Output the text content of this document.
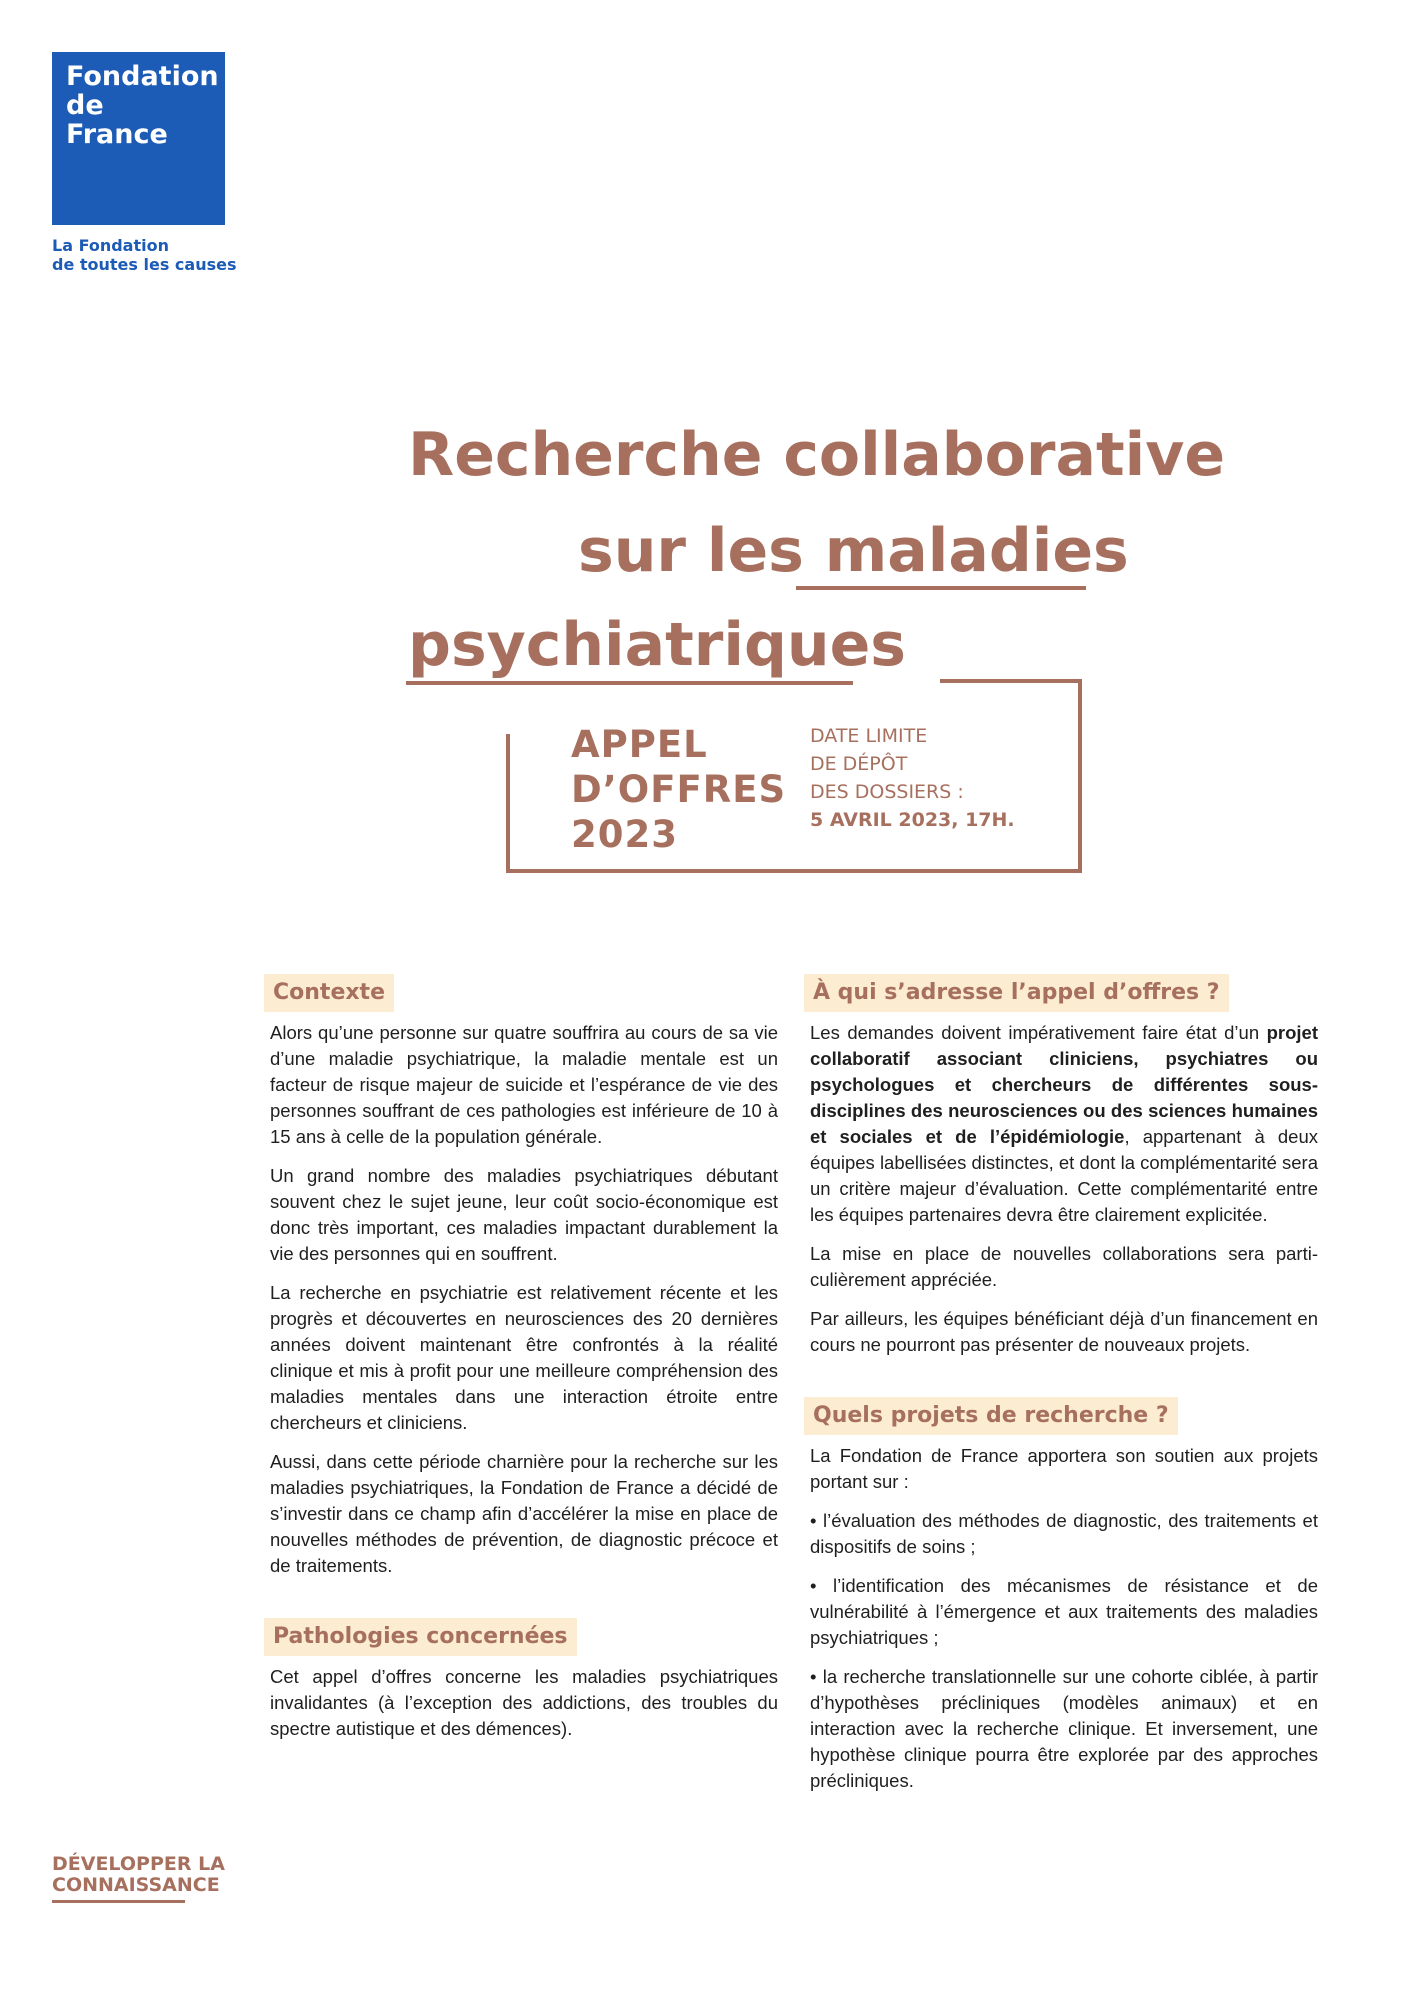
Fondation
de
France
La Fondation
de toutes les causes
Recherche collaborative
sur les maladies
psychiatriques
APPEL
D’OFFRES
2023
DATE LIMITE
DE DÉPÔT
DES DOSSIERS :
5 AVRIL 2023, 17H.
Contexte

Alors qu’une personne sur quatre souffrira au cours de sa vie d’une maladie psychiatrique, la maladie mentale est un facteur de risque majeur de suicide et l’espérance de vie des personnes souffrant de ces pathologies est inférieure de 10 à 15 ans à celle de la population générale.

Un grand nombre des maladies psychiatriques débutant souvent chez le sujet jeune, leur coût socio-économique est donc très important, ces maladies impactant durablement la vie des personnes qui en souffrent.

La recherche en psychiatrie est relativement récente et les progrès et découvertes en neurosciences des 20 dernières années doivent maintenant être confrontés à la réalité clinique et mis à profit pour une meilleure compréhension des maladies mentales dans une interaction étroite entre chercheurs et cliniciens.

Aussi, dans cette période charnière pour la recherche sur les maladies psychiatriques, la Fondation de France a décidé de s’investir dans ce champ afin d’accélérer la mise en place de nouvelles méthodes de prévention, de diagnostic précoce et de traitements.

Pathologies concernées

Cet appel d’offres concerne les maladies psychiatriques invalidantes (à l’exception des addictions, des troubles du spectre autistique et des démences).

À qui s’adresse l’appel d’offres ?

Les demandes doivent impérativement faire état d’un projet collaboratif associant cliniciens, psychiatres ou psychologues et chercheurs de différentes sous-disciplines des neurosciences ou des sciences humaines et sociales et de l’épidémiologie, appartenant à deux équipes labellisées distinctes, et dont la complémentarité sera un critère majeur d’évaluation. Cette complémentarité entre les équipes partenaires devra être clairement explicitée.

La mise en place de nouvelles collaborations sera particulièrement appréciée.

Par ailleurs, les équipes bénéficiant déjà d’un financement en cours ne pourront pas présenter de nouveaux projets.

Quels projets de recherche ?

La Fondation de France apportera son soutien aux projets portant sur :

• l’évaluation des méthodes de diagnostic, des traitements et dispositifs de soins ;

• l’identification des mécanismes de résistance et de vulnérabilité à l’émergence et aux traitements des maladies psychiatriques ;

• la recherche translationnelle sur une cohorte ciblée, à partir d’hypothèses précliniques (modèles animaux) et en interaction avec la recherche clinique. Et inversement, une hypothèse clinique pourra être explorée par des approches précliniques.

DÉVELOPPER LA
CONNAISSANCE
